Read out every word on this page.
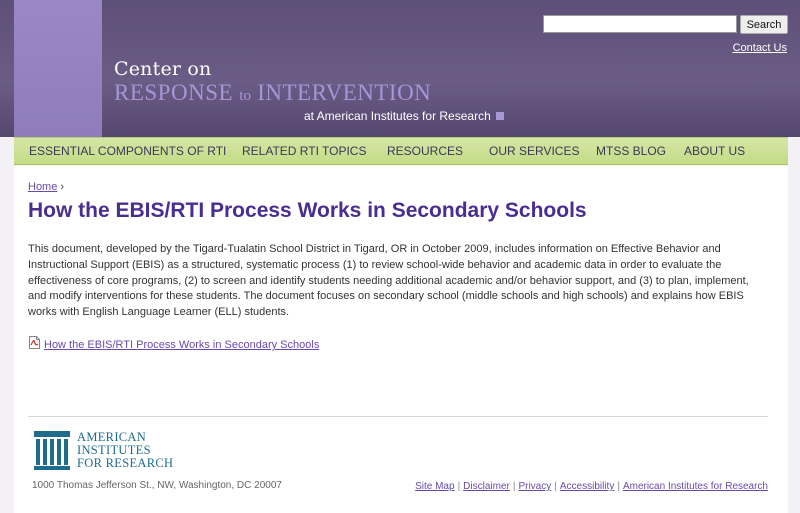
Search
Contact Us
Center on
RESPONSE to INTERVENTION
at American Institutes for Research
ESSENTIAL COMPONENTS OF RTI RELATED RTI TOPICS RESOURCES OUR SERVICES MTSS BLOG ABOUT US
Home ›
How the EBIS/RTI Process Works in Secondary Schools

This document, developed by the Tigard-Tualatin School District in Tigard, OR in October 2009, includes information on Effective Behavior and Instructional Support (EBIS) as a structured, systematic process (1) to review school-wide behavior and academic data in order to evaluate the effectiveness of core programs, (2) to screen and identify students needing additional academic and/or behavior support, and (3) to plan, implement, and modify interventions for these students. The document focuses on secondary school (middle schools and high schools) and explains how EBIS works with English Language Learner (ELL) students.

How the EBIS/RTI Process Works in Secondary Schools
AMERICAN
INSTITUTES
FOR RESEARCH
1000 Thomas Jefferson St., NW, Washington, DC 20007	Site Map | Disclaimer | Privacy | Accessibility | American Institutes for Research
